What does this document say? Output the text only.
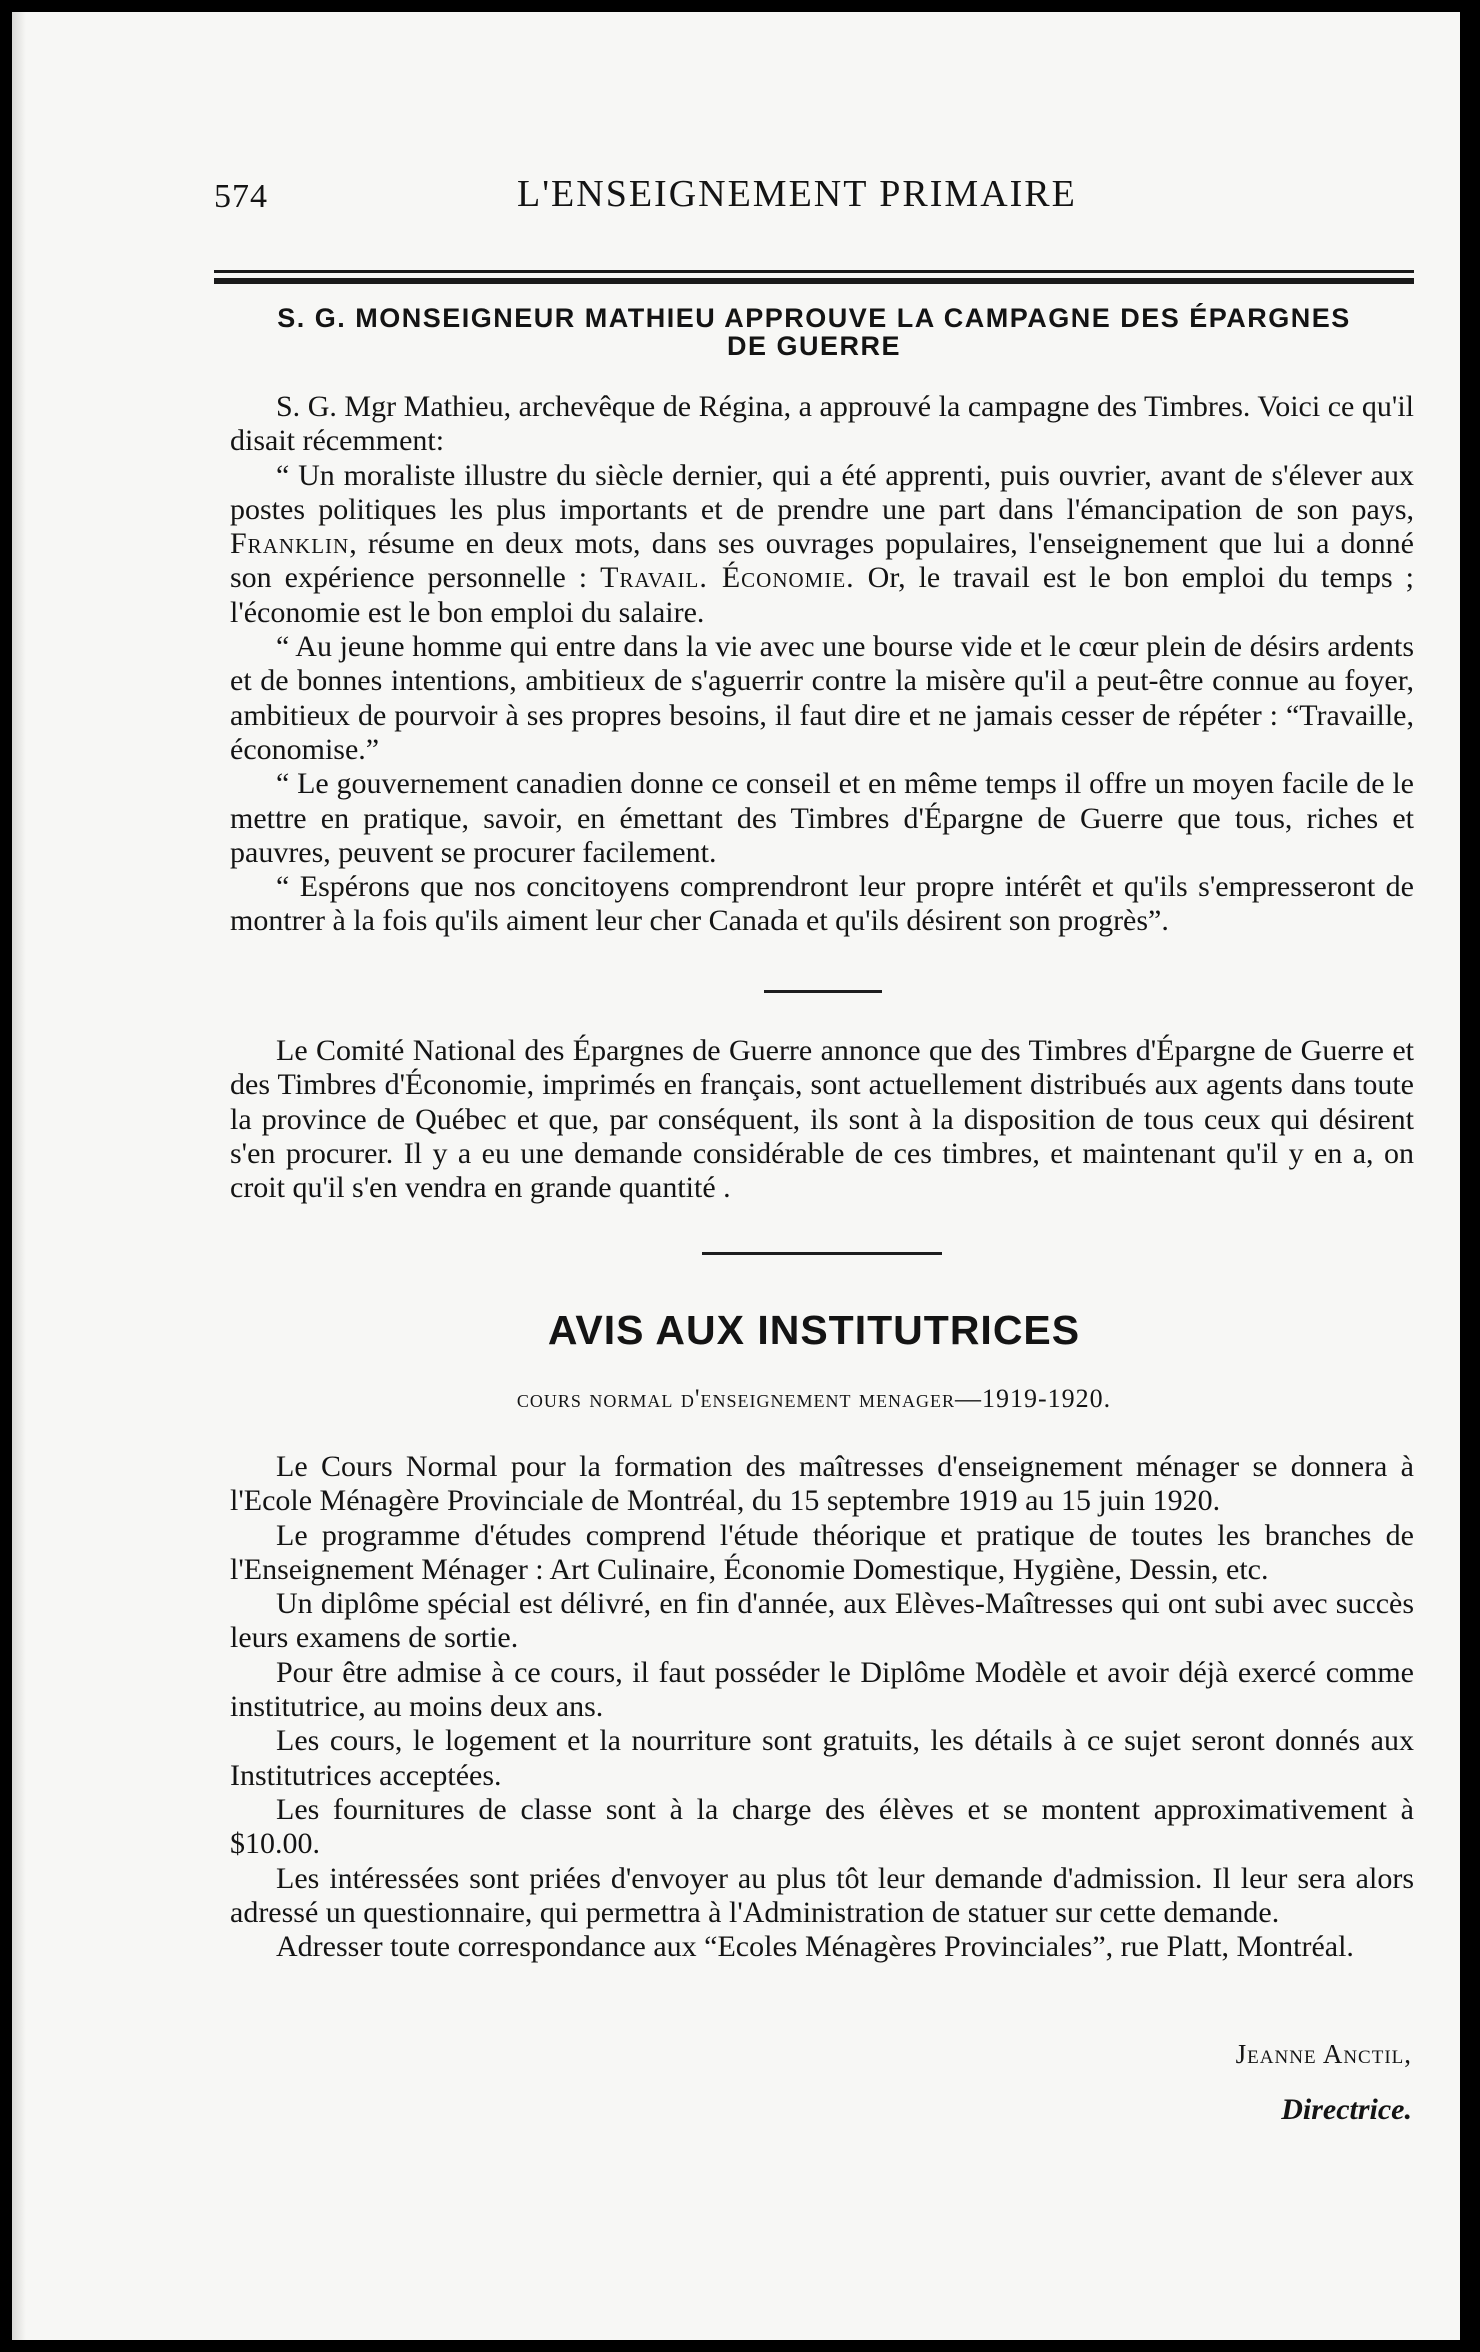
574	L'ENSEIGNEMENT PRIMAIRE
S. G. MONSEIGNEUR MATHIEU APPROUVE LA CAMPAGNE DES ÉPARGNES
DE GUERRE

S. G. Mgr Mathieu, archevêque de Régina, a approuvé la campagne des Timbres. Voici ce qu'il disait récemment:

“ Un moraliste illustre du siècle dernier, qui a été apprenti, puis ouvrier, avant de s'élever aux postes politiques les plus importants et de prendre une part dans l'émancipation de son pays, Franklin, résume en deux mots, dans ses ouvrages populaires, l'enseignement que lui a donné son expérience personnelle : Travail. Économie. Or, le travail est le bon emploi du temps ; l'économie est le bon emploi du salaire.

“ Au jeune homme qui entre dans la vie avec une bourse vide et le cœur plein de désirs ardents et de bonnes intentions, ambitieux de s'aguerrir contre la misère qu'il a peut-être connue au foyer, ambitieux de pourvoir à ses propres besoins, il faut dire et ne jamais cesser de répéter : “Travaille, économise.”

“ Le gouvernement canadien donne ce conseil et en même temps il offre un moyen facile de le mettre en pratique, savoir, en émettant des Timbres d'Épargne de Guerre que tous, riches et pauvres, peuvent se procurer facilement.

“ Espérons que nos concitoyens comprendront leur propre intérêt et qu'ils s'empresseront de montrer à la fois qu'ils aiment leur cher Canada et qu'ils désirent son progrès”.

Le Comité National des Épargnes de Guerre annonce que des Timbres d'Épargne de Guerre et des Timbres d'Économie, imprimés en français, sont actuellement distribués aux agents dans toute la province de Québec et que, par conséquent, ils sont à la disposition de tous ceux qui désirent s'en procurer. Il y a eu une demande considérable de ces timbres, et maintenant qu'il y en a, on croit qu'il s'en vendra en grande quantité .

AVIS AUX INSTITUTRICES
cours normal d'enseignement menager—1919-1920.

Le Cours Normal pour la formation des maîtresses d'enseignement ménager se donnera à l'Ecole Ménagère Provinciale de Montréal, du 15 septembre 1919 au 15 juin 1920.

Le programme d'études comprend l'étude théorique et pratique de toutes les branches de l'Enseignement Ménager : Art Culinaire, Économie Domestique, Hygiène, Dessin, etc.

Un diplôme spécial est délivré, en fin d'année, aux Elèves-Maîtresses qui ont subi avec succès leurs examens de sortie.

Pour être admise à ce cours, il faut posséder le Diplôme Modèle et avoir déjà exercé comme institutrice, au moins deux ans.

Les cours, le logement et la nourriture sont gratuits, les détails à ce sujet seront donnés aux Institutrices acceptées.

Les fournitures de classe sont à la charge des élèves et se montent approximativement à $10.00.

Les intéressées sont priées d'envoyer au plus tôt leur demande d'admission. Il leur sera alors adressé un questionnaire, qui permettra à l'Administration de statuer sur cette demande.

Adresser toute correspondance aux “Ecoles Ménagères Provinciales”, rue Platt, Montréal.

Jeanne Anctil,
Directrice.
